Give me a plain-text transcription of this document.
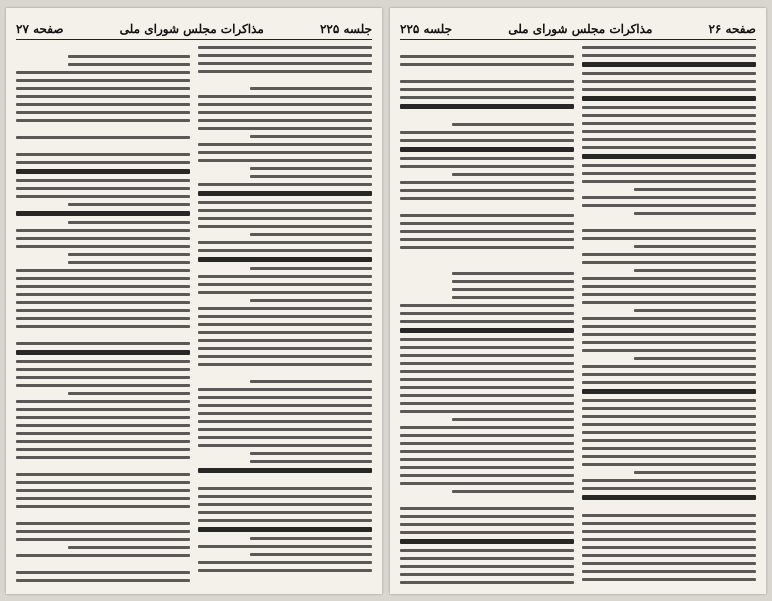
صفحه ۲۶
مذاکرات مجلس شورای ملی
جلسه ۲۲۵
جلسه ۲۲۵
مذاکرات مجلس شورای ملی
صفحه ۲۷
